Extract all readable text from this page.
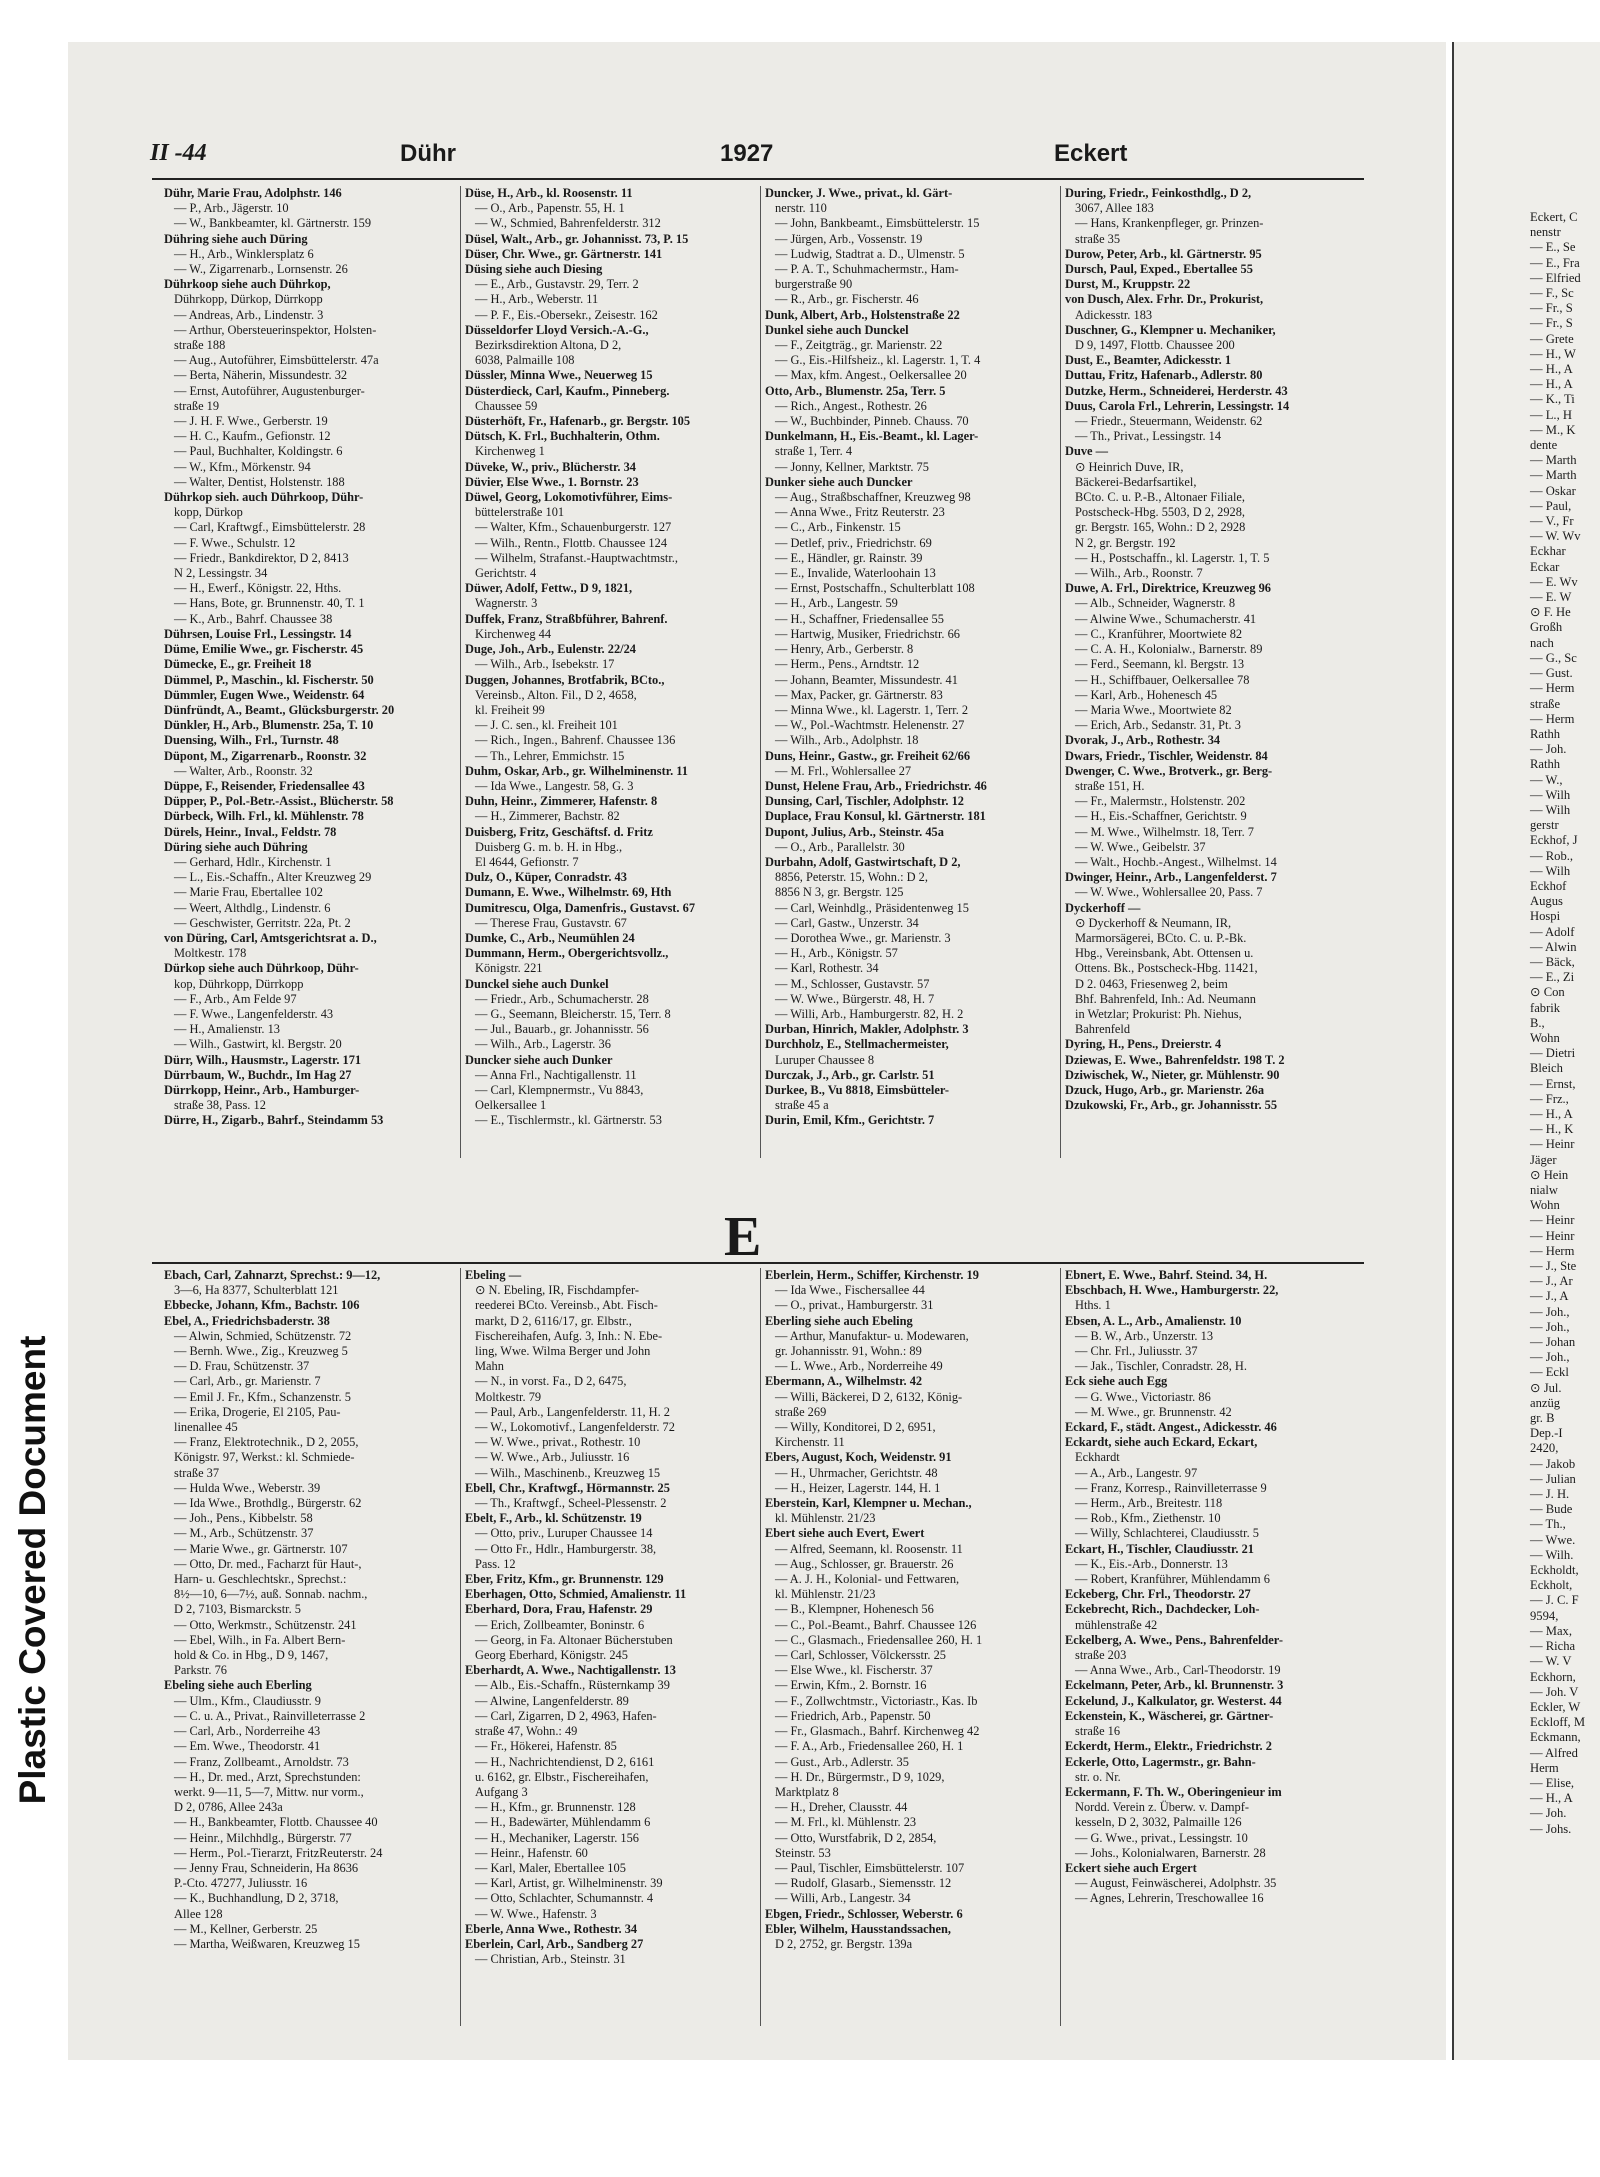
Eckert, C
nenstr
— E., Se
— E., Fra
— Elfried
— F., Sc
— Fr., S
— Fr., S
— Grete
— H., W
— H., A
— H., A
— K., Ti
— L., H
— M., K
dente
— Marth
— Marth
— Oskar
— Paul,
— V., Fr
— W. Wv
Eckhar
Eckar
— E. Wv
— E. W
⊙ F. He
Großh
nach
— G., Sc
— Gust.
— Herm
straße
— Herm
Rathh
— Joh.
Rathh
— W.,
— Wilh
— Wilh
gerstr
Eckhof, J
— Rob.,
— Wilh
Eckhof
Augus
Hospi
— Adolf
— Alwin
— Bäck,
— E., Zi
⊙ Con
fabrik
B.,
Wohn
— Dietri
Bleich
— Ernst,
— Frz.,
— H., A
— H., K
— Heinr
Jäger
⊙ Hein
nialw
Wohn
— Heinr
— Heinr
— Herm
— J., Ste
— J., Ar
— J., A
— Joh.,
— Joh.,
— Johan
— Joh.,
— Eckl
⊙ Jul.
anzüg
gr. B
Dep.-I
2420,
— Jakob
— Julian
— J. H.
— Bude
— Th.,
— Wwe.
— Wilh.
Eckholdt,
Eckholt,
— J. C. F
9594,
— Max,
— Richa
— W. V
Eckhorn,
— Joh. V
Eckler, W
Eckloff, M
Eckmann,
— Alfred
Herm
— Elise,
— H., A
— Joh.
— Johs.
Plastic Covered Document
II -44	Dühr	1927	Eckert
Dühr, Marie Frau, Adolphstr. 146
— P., Arb., Jägerstr. 10
— W., Bankbeamter, kl. Gärtnerstr. 159
Dühring siehe auch Düring
— H., Arb., Winklersplatz 6
— W., Zigarrenarb., Lornsenstr. 26
Dührkoop siehe auch Dührkop,
Dührkopp, Dürkop, Dürrkopp
— Andreas, Arb., Lindenstr. 3
— Arthur, Obersteuerinspektor, Holsten-
straße 188
— Aug., Autoführer, Eimsbüttelerstr. 47a
— Berta, Näherin, Missundestr. 32
— Ernst, Autoführer, Augustenburger-
straße 19
— J. H. F. Wwe., Gerberstr. 19
— H. C., Kaufm., Gefionstr. 12
— Paul, Buchhalter, Koldingstr. 6
— W., Kfm., Mörkenstr. 94
— Walter, Dentist, Holstenstr. 188
Dührkop sieh. auch Dührkoop, Dühr-
kopp, Dürkop
— Carl, Kraftwgf., Eimsbüttelerstr. 28
— F. Wwe., Schulstr. 12
— Friedr., Bankdirektor, D 2, 8413
N 2, Lessingstr. 34
— H., Ewerf., Königstr. 22, Hths.
— Hans, Bote, gr. Brunnenstr. 40, T. 1
— K., Arb., Bahrf. Chaussee 38
Dührsen, Louise Frl., Lessingstr. 14
Düme, Emilie Wwe., gr. Fischerstr. 45
Dümecke, E., gr. Freiheit 18
Dümmel, P., Maschin., kl. Fischerstr. 50
Dümmler, Eugen Wwe., Weidenstr. 64
Dünfründt, A., Beamt., Glücksburgerstr. 20
Dünkler, H., Arb., Blumenstr. 25a, T. 10
Duensing, Wilh., Frl., Turnstr. 48
Düpont, M., Zigarrenarb., Roonstr. 32
— Walter, Arb., Roonstr. 32
Düppe, F., Reisender, Friedensallee 43
Düpper, P., Pol.-Betr.-Assist., Blücherstr. 58
Dürbeck, Wilh. Frl., kl. Mühlenstr. 78
Dürels, Heinr., Inval., Feldstr. 78
Düring siehe auch Dühring
— Gerhard, Hdlr., Kirchenstr. 1
— L., Eis.-Schaffn., Alter Kreuzweg 29
— Marie Frau, Ebertallee 102
— Weert, Althdlg., Lindenstr. 6
— Geschwister, Gerritstr. 22a, Pt. 2
von Düring, Carl, Amtsgerichtsrat a. D.,
Moltkestr. 178
Dürkop siehe auch Dührkoop, Dühr-
kop, Dührkopp, Dürrkopp
— F., Arb., Am Felde 97
— F. Wwe., Langenfelderstr. 43
— H., Amalienstr. 13
— Wilh., Gastwirt, kl. Bergstr. 20
Dürr, Wilh., Hausmstr., Lagerstr. 171
Dürrbaum, W., Buchdr., Im Hag 27
Dürrkopp, Heinr., Arb., Hamburger-
straße 38, Pass. 12
Dürre, H., Zigarb., Bahrf., Steindamm 53
Düse, H., Arb., kl. Roosenstr. 11
— O., Arb., Papenstr. 55, H. 1
— W., Schmied, Bahrenfelderstr. 312
Düsel, Walt., Arb., gr. Johannisst. 73, P. 15
Düser, Chr. Wwe., gr. Gärtnerstr. 141
Düsing siehe auch Diesing
— E., Arb., Gustavstr. 29, Terr. 2
— H., Arb., Weberstr. 11
— P. F., Eis.-Obersekr., Zeisestr. 162
Düsseldorfer Lloyd Versich.-A.-G.,
Bezirksdirektion Altona, D 2,
6038, Palmaille 108
Düssler, Minna Wwe., Neuerweg 15
Düsterdieck, Carl, Kaufm., Pinneberg.
Chaussee 59
Düsterhöft, Fr., Hafenarb., gr. Bergstr. 105
Dütsch, K. Frl., Buchhalterin, Othm.
Kirchenweg 1
Düveke, W., priv., Blücherstr. 34
Düvier, Else Wwe., 1. Bornstr. 23
Düwel, Georg, Lokomotivführer, Eims-
büttelerstraße 101
— Walter, Kfm., Schauenburgerstr. 127
— Wilh., Rentn., Flottb. Chaussee 124
— Wilhelm, Strafanst.-Hauptwachtmstr.,
Gerichtstr. 4
Düwer, Adolf, Fettw., D 9, 1821,
Wagnerstr. 3
Duffek, Franz, Straßbführer, Bahrenf.
Kirchenweg 44
Duge, Joh., Arb., Eulenstr. 22/24
— Wilh., Arb., Isebekstr. 17
Duggen, Johannes, Brotfabrik, BCto.,
Vereinsb., Alton. Fil., D 2, 4658,
kl. Freiheit 99
— J. C. sen., kl. Freiheit 101
— Rich., Ingen., Bahrenf. Chaussee 136
— Th., Lehrer, Emmichstr. 15
Duhm, Oskar, Arb., gr. Wilhelminenstr. 11
— Ida Wwe., Langestr. 58, G. 3
Duhn, Heinr., Zimmerer, Hafenstr. 8
— H., Zimmerer, Bachstr. 82
Duisberg, Fritz, Geschäftsf. d. Fritz
Duisberg G. m. b. H. in Hbg.,
El 4644, Gefionstr. 7
Dulz, O., Küper, Conradstr. 43
Dumann, E. Wwe., Wilhelmstr. 69, Hth
Dumitrescu, Olga, Damenfris., Gustavst. 67
— Therese Frau, Gustavstr. 67
Dumke, C., Arb., Neumühlen 24
Dummann, Herm., Obergerichtsvollz.,
Königstr. 221
Dunckel siehe auch Dunkel
— Friedr., Arb., Schumacherstr. 28
— G., Seemann, Bleicherstr. 15, Terr. 8
— Jul., Bauarb., gr. Johannisstr. 56
— Wilh., Arb., Lagerstr. 36
Duncker siehe auch Dunker
— Anna Frl., Nachtigallenstr. 11
— Carl, Klempnermstr., Vu 8843,
Oelkersallee 1
— E., Tischlermstr., kl. Gärtnerstr. 53
Duncker, J. Wwe., privat., kl. Gärt-
nerstr. 110
— John, Bankbeamt., Eimsbüttelerstr. 15
— Jürgen, Arb., Vossenstr. 19
— Ludwig, Stadtrat a. D., Ulmenstr. 5
— P. A. T., Schuhmachermstr., Ham-
burgerstraße 90
— R., Arb., gr. Fischerstr. 46
Dunk, Albert, Arb., Holstenstraße 22
Dunkel siehe auch Dunckel
— F., Zeitgträg., gr. Marienstr. 22
— G., Eis.-Hilfsheiz., kl. Lagerstr. 1, T. 4
— Max, kfm. Angest., Oelkersallee 20
Otto, Arb., Blumenstr. 25a, Terr. 5
— Rich., Angest., Rothestr. 26
— W., Buchbinder, Pinneb. Chauss. 70
Dunkelmann, H., Eis.-Beamt., kl. Lager-
straße 1, Terr. 4
— Jonny, Kellner, Marktstr. 75
Dunker siehe auch Duncker
— Aug., Straßbschaffner, Kreuzweg 98
— Anna Wwe., Fritz Reuterstr. 23
— C., Arb., Finkenstr. 15
— Detlef, priv., Friedrichstr. 69
— E., Händler, gr. Rainstr. 39
— E., Invalide, Waterloohain 13
— Ernst, Postschaffn., Schulterblatt 108
— H., Arb., Langestr. 59
— H., Schaffner, Friedensallee 55
— Hartwig, Musiker, Friedrichstr. 66
— Henry, Arb., Gerberstr. 8
— Herm., Pens., Arndtstr. 12
— Johann, Beamter, Missundestr. 41
— Max, Packer, gr. Gärtnerstr. 83
— Minna Wwe., kl. Lagerstr. 1, Terr. 2
— W., Pol.-Wachtmstr. Helenenstr. 27
— Wilh., Arb., Adolphstr. 18
Duns, Heinr., Gastw., gr. Freiheit 62/66
— M. Frl., Wohlersallee 27
Dunst, Helene Frau, Arb., Friedrichstr. 46
Dunsing, Carl, Tischler, Adolphstr. 12
Duplace, Frau Konsul, kl. Gärtnerstr. 181
Dupont, Julius, Arb., Steinstr. 45a
— O., Arb., Parallelstr. 30
Durbahn, Adolf, Gastwirtschaft, D 2,
8856, Peterstr. 15, Wohn.: D 2,
8856 N 3, gr. Bergstr. 125
— Carl, Weinhdlg., Präsidentenweg 15
— Carl, Gastw., Unzerstr. 34
— Dorothea Wwe., gr. Marienstr. 3
— H., Arb., Königstr. 57
— Karl, Rothestr. 34
— M., Schlosser, Gustavstr. 57
— W. Wwe., Bürgerstr. 48, H. 7
— Willi, Arb., Hamburgerstr. 82, H. 2
Durban, Hinrich, Makler, Adolphstr. 3
Durchholz, E., Stellmachermeister,
Luruper Chaussee 8
Durczak, J., Arb., gr. Carlstr. 51
Durkee, B., Vu 8818, Eimsbütteler-
straße 45 a
Durin, Emil, Kfm., Gerichtstr. 7
During, Friedr., Feinkosthdlg., D 2,
3067, Allee 183
— Hans, Krankenpfleger, gr. Prinzen-
straße 35
Durow, Peter, Arb., kl. Gärtnerstr. 95
Dursch, Paul, Exped., Ebertallee 55
Durst, M., Kruppstr. 22
von Dusch, Alex. Frhr. Dr., Prokurist,
Adickesstr. 183
Duschner, G., Klempner u. Mechaniker,
D 9, 1497, Flottb. Chaussee 200
Dust, E., Beamter, Adickesstr. 1
Duttau, Fritz, Hafenarb., Adlerstr. 80
Dutzke, Herm., Schneiderei, Herderstr. 43
Duus, Carola Frl., Lehrerin, Lessingstr. 14
— Friedr., Steuermann, Weidenstr. 62
— Th., Privat., Lessingstr. 14
Duve —
⊙ Heinrich Duve, IR,
Bäckerei-Bedarfsartikel,
BCto. C. u. P.-B., Altonaer Filiale,
Postscheck-Hbg. 5503, D 2, 2928,
gr. Bergstr. 165, Wohn.: D 2, 2928
N 2, gr. Bergstr. 192
— H., Postschaffn., kl. Lagerstr. 1, T. 5
— Wilh., Arb., Roonstr. 7
Duwe, A. Frl., Direktrice, Kreuzweg 96
— Alb., Schneider, Wagnerstr. 8
— Alwine Wwe., Schumacherstr. 41
— C., Kranführer, Moortwiete 82
— C. A. H., Kolonialw., Barnerstr. 89
— Ferd., Seemann, kl. Bergstr. 13
— H., Schiffbauer, Oelkersallee 78
— Karl, Arb., Hohenesch 45
— Maria Wwe., Moortwiete 82
— Erich, Arb., Sedanstr. 31, Pt. 3
Dvorak, J., Arb., Rothestr. 34
Dwars, Friedr., Tischler, Weidenstr. 84
Dwenger, C. Wwe., Brotverk., gr. Berg-
straße 151, H.
— Fr., Malermstr., Holstenstr. 202
— H., Eis.-Schaffner, Gerichtstr. 9
— M. Wwe., Wilhelmstr. 18, Terr. 7
— W. Wwe., Geibelstr. 37
— Walt., Hochb.-Angest., Wilhelmst. 14
Dwinger, Heinr., Arb., Langenfelderst. 7
— W. Wwe., Wohlersallee 20, Pass. 7
Dyckerhoff —
⊙ Dyckerhoff & Neumann, IR,
Marmorsägerei, BCto. C. u. P.-Bk.
Hbg., Vereinsbank, Abt. Ottensen u.
Ottens. Bk., Postscheck-Hbg. 11421,
D 2. 0463, Friesenweg 2, beim
Bhf. Bahrenfeld, Inh.: Ad. Neumann
in Wetzlar; Prokurist: Ph. Niehus,
Bahrenfeld
Dyring, H., Pens., Dreierstr. 4
Dziewas, E. Wwe., Bahrenfeldstr. 198 T. 2
Dziwischek, W., Nieter, gr. Mühlenstr. 90
Dzuck, Hugo, Arb., gr. Marienstr. 26a
Dzukowski, Fr., Arb., gr. Johannisstr. 55
E
Ebach, Carl, Zahnarzt, Sprechst.: 9—12,
3—6, Ha 8377, Schulterblatt 121
Ebbecke, Johann, Kfm., Bachstr. 106
Ebel, A., Friedrichsbaderstr. 38
— Alwin, Schmied, Schützenstr. 72
— Bernh. Wwe., Zig., Kreuzweg 5
— D. Frau, Schützenstr. 37
— Carl, Arb., gr. Marienstr. 7
— Emil J. Fr., Kfm., Schanzenstr. 5
— Erika, Drogerie, El 2105, Pau-
linenallee 45
— Franz, Elektrotechnik., D 2, 2055,
Königstr. 97, Werkst.: kl. Schmiede-
straße 37
— Hulda Wwe., Weberstr. 39
— Ida Wwe., Brothdlg., Bürgerstr. 62
— Joh., Pens., Kibbelstr. 58
— M., Arb., Schützenstr. 37
— Marie Wwe., gr. Gärtnerstr. 107
— Otto, Dr. med., Facharzt für Haut-,
Harn- u. Geschlechtskr., Sprechst.:
8½—10, 6—7½, auß. Sonnab. nachm.,
D 2, 7103, Bismarckstr. 5
— Otto, Werkmstr., Schützenstr. 241
— Ebel, Wilh., in Fa. Albert Bern-
hold & Co. in Hbg., D 9, 1467,
Parkstr. 76
Ebeling siehe auch Eberling
— Ulm., Kfm., Claudiusstr. 9
— C. u. A., Privat., Rainvilleterrasse 2
— Carl, Arb., Norderreihe 43
— Em. Wwe., Theodorstr. 41
— Franz, Zollbeamt., Arnoldstr. 73
— H., Dr. med., Arzt, Sprechstunden:
werkt. 9—11, 5—7, Mittw. nur vorm.,
D 2, 0786, Allee 243a
— H., Bankbeamter, Flottb. Chaussee 40
— Heinr., Milchhdlg., Bürgerstr. 77
— Herm., Pol.-Tierarzt, FritzReuterstr. 24
— Jenny Frau, Schneiderin, Ha 8636
P.-Cto. 47277, Juliusstr. 16
— K., Buchhandlung, D 2, 3718,
Allee 128
— M., Kellner, Gerberstr. 25
— Martha, Weißwaren, Kreuzweg 15
Ebeling —
⊙ N. Ebeling, IR, Fischdampfer-
reederei BCto. Vereinsb., Abt. Fisch-
markt, D 2, 6116/17, gr. Elbstr.,
Fischereihafen, Aufg. 3, Inh.: N. Ebe-
ling, Wwe. Wilma Berger und John
Mahn
— N., in vorst. Fa., D 2, 6475,
Moltkestr. 79
— Paul, Arb., Langenfelderstr. 11, H. 2
— W., Lokomotivf., Langenfelderstr. 72
— W. Wwe., privat., Rothestr. 10
— W. Wwe., Arb., Juliusstr. 16
— Wilh., Maschinenb., Kreuzweg 15
Ebell, Chr., Kraftwgf., Hörmannstr. 25
— Th., Kraftwgf., Scheel-Plessenstr. 2
Ebelt, F., Arb., kl. Schützenstr. 19
— Otto, priv., Luruper Chaussee 14
— Otto Fr., Hdlr., Hamburgerstr. 38,
Pass. 12
Eber, Fritz, Kfm., gr. Brunnenstr. 129
Eberhagen, Otto, Schmied, Amalienstr. 11
Eberhard, Dora, Frau, Hafenstr. 29
— Erich, Zollbeamter, Boninstr. 6
— Georg, in Fa. Altonaer Bücherstuben
Georg Eberhard, Königstr. 245
Eberhardt, A. Wwe., Nachtigallenstr. 13
— Alb., Eis.-Schaffn., Rüsternkamp 39
— Alwine, Langenfelderstr. 89
— Carl, Zigarren, D 2, 4963, Hafen-
straße 47, Wohn.: 49
— Fr., Hökerei, Hafenstr. 85
— H., Nachrichtendienst, D 2, 6161
u. 6162, gr. Elbstr., Fischereihafen,
Aufgang 3
— H., Kfm., gr. Brunnenstr. 128
— H., Badewärter, Mühlendamm 6
— H., Mechaniker, Lagerstr. 156
— Heinr., Hafenstr. 60
— Karl, Maler, Ebertallee 105
— Karl, Artist, gr. Wilhelminenstr. 39
— Otto, Schlachter, Schumannstr. 4
— W. Wwe., Hafenstr. 3
Eberle, Anna Wwe., Rothestr. 34
Eberlein, Carl, Arb., Sandberg 27
— Christian, Arb., Steinstr. 31
Eberlein, Herm., Schiffer, Kirchenstr. 19
— Ida Wwe., Fischersallee 44
— O., privat., Hamburgerstr. 31
Eberling siehe auch Ebeling
— Arthur, Manufaktur- u. Modewaren,
gr. Johannisstr. 91, Wohn.: 89
— L. Wwe., Arb., Norderreihe 49
Ebermann, A., Wilhelmstr. 42
— Willi, Bäckerei, D 2, 6132, König-
straße 269
— Willy, Konditorei, D 2, 6951,
Kirchenstr. 11
Ebers, August, Koch, Weidenstr. 91
— H., Uhrmacher, Gerichtstr. 48
— H., Heizer, Lagerstr. 144, H. 1
Eberstein, Karl, Klempner u. Mechan.,
kl. Mühlenstr. 21/23
Ebert siehe auch Evert, Ewert
— Alfred, Seemann, kl. Roosenstr. 11
— Aug., Schlosser, gr. Brauerstr. 26
— A. J. H., Kolonial- und Fettwaren,
kl. Mühlenstr. 21/23
— B., Klempner, Hohenesch 56
— C., Pol.-Beamt., Bahrf. Chaussee 126
— C., Glasmach., Friedensallee 260, H. 1
— Carl, Schlosser, Völckersstr. 25
— Else Wwe., kl. Fischerstr. 37
— Erwin, Kfm., 2. Bornstr. 16
— F., Zollwchtmstr., Victoriastr., Kas. Ib
— Friedrich, Arb., Papenstr. 50
— Fr., Glasmach., Bahrf. Kirchenweg 42
— F. A., Arb., Friedensallee 260, H. 1
— Gust., Arb., Adlerstr. 35
— H. Dr., Bürgermstr., D 9, 1029,
Marktplatz 8
— H., Dreher, Clausstr. 44
— M. Frl., kl. Mühlenstr. 23
— Otto, Wurstfabrik, D 2, 2854,
Steinstr. 53
— Paul, Tischler, Eimsbüttelerstr. 107
— Rudolf, Glasarb., Siemensstr. 12
— Willi, Arb., Langestr. 34
Ebgen, Friedr., Schlosser, Weberstr. 6
Ebler, Wilhelm, Hausstandssachen,
D 2, 2752, gr. Bergstr. 139a
Ebnert, E. Wwe., Bahrf. Steind. 34, H.
Ebschbach, H. Wwe., Hamburgerstr. 22,
Hths. 1
Ebsen, A. L., Arb., Amalienstr. 10
— B. W., Arb., Unzerstr. 13
— Chr. Frl., Juliusstr. 37
— Jak., Tischler, Conradstr. 28, H.
Eck siehe auch Egg
— G. Wwe., Victoriastr. 86
— M. Wwe., gr. Brunnenstr. 42
Eckard, F., städt. Angest., Adickesstr. 46
Eckardt, siehe auch Eckard, Eckart,
Eckhardt
— A., Arb., Langestr. 97
— Franz, Korresp., Rainvilleterrasse 9
— Herm., Arb., Breitestr. 118
— Rob., Kfm., Ziethenstr. 10
— Willy, Schlachterei, Claudiusstr. 5
Eckart, H., Tischler, Claudiusstr. 21
— K., Eis.-Arb., Donnerstr. 13
— Robert, Kranführer, Mühlendamm 6
Eckeberg, Chr. Frl., Theodorstr. 27
Eckebrecht, Rich., Dachdecker, Loh-
mühlenstraße 42
Eckelberg, A. Wwe., Pens., Bahrenfelder-
straße 203
— Anna Wwe., Arb., Carl-Theodorstr. 19
Eckelmann, Peter, Arb., kl. Brunnenstr. 3
Eckelund, J., Kalkulator, gr. Westerst. 44
Eckenstein, K., Wäscherei, gr. Gärtner-
straße 16
Eckerdt, Herm., Elektr., Friedrichstr. 2
Eckerle, Otto, Lagermstr., gr. Bahn-
str. o. Nr.
Eckermann, F. Th. W., Oberingenieur im
Nordd. Verein z. Überw. v. Dampf-
kesseln, D 2, 3032, Palmaille 126
— G. Wwe., privat., Lessingstr. 10
— Johs., Kolonialwaren, Barnerstr. 28
Eckert siehe auch Ergert
— August, Feinwäscherei, Adolphstr. 35
— Agnes, Lehrerin, Treschowallee 16
